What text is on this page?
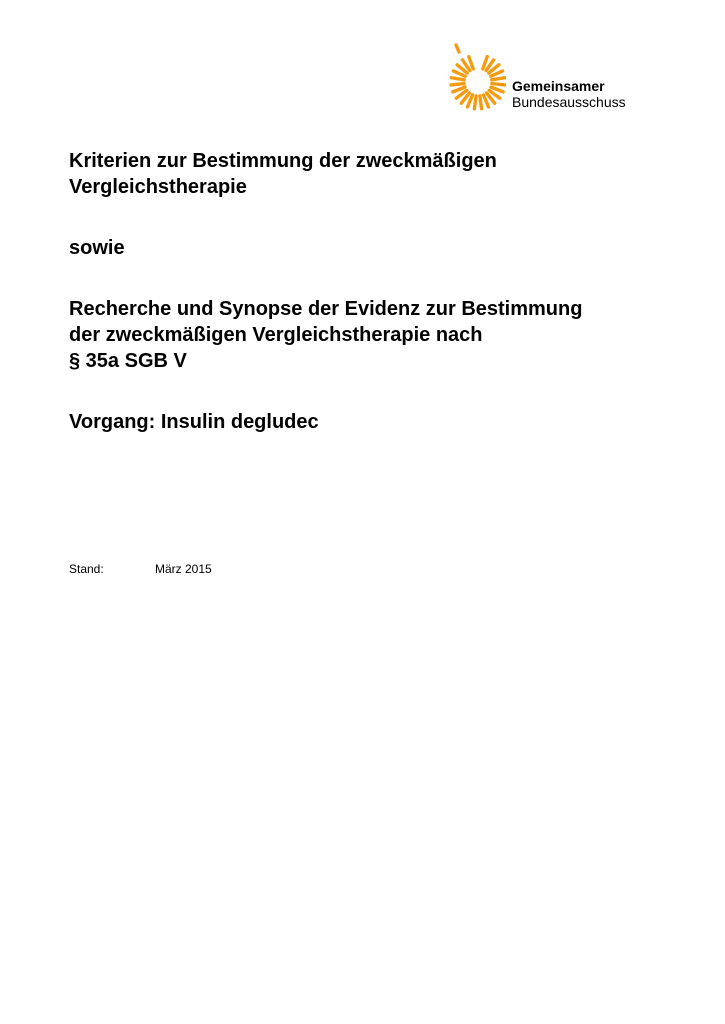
Gemeinsamer
Bundesausschuss
Kriterien zur Bestimmung der zweckmäßigen
Vergleichstherapie
sowie
Recherche und Synopse der Evidenz zur Bestimmung
der zweckmäßigen Vergleichstherapie nach
§ 35a SGB V
Vorgang: Insulin degludec
Stand:	März 2015
